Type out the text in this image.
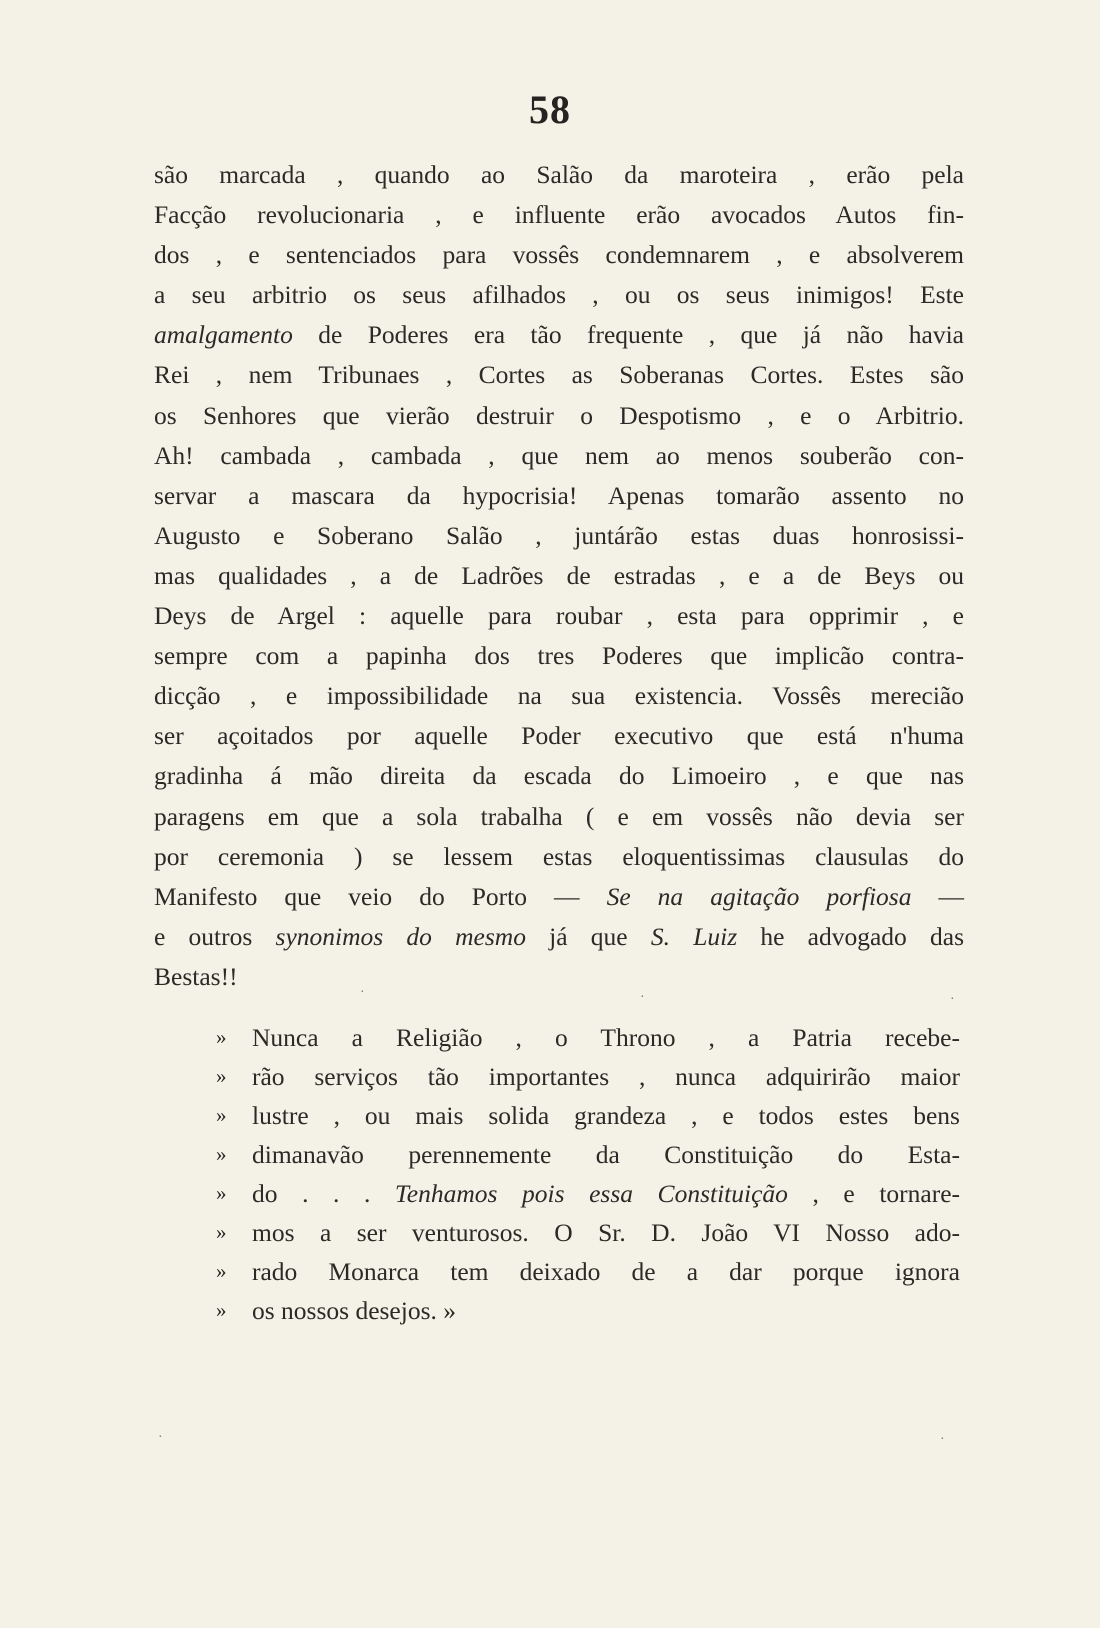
58
são marcada , quando ao Salão da maroteira , erão pela
Facção revolucionaria , e influente erão avocados Autos fin-
dos , e sentenciados para vossês condemnarem , e absolverem
a seu arbitrio os seus afilhados , ou os seus inimigos! Este
amalgamento de Poderes era tão frequente , que já não havia
Rei , nem Tribunaes , Cortes as Soberanas Cortes. Estes são
os Senhores que vierão destruir o Despotismo , e o Arbitrio.
Ah! cambada , cambada , que nem ao menos souberão con-
servar a mascara da hypocrisia! Apenas tomarão assento no
Augusto e Soberano Salão , juntárão estas duas honrosissi-
mas qualidades , a de Ladrões de estradas , e a de Beys ou
Deys de Argel : aquelle para roubar , esta para opprimir , e
sempre com a papinha dos tres Poderes que implicão contra-
dicção , e impossibilidade na sua existencia. Vossês merecião
ser açoitados por aquelle Poder executivo que está n'huma
gradinha á mão direita da escada do Limoeiro , e que nas
paragens em que a sola trabalha ( e em vossês não devia ser
por ceremonia ) se lessem estas eloquentissimas clausulas do
Manifesto que veio do Porto — Se na agitação porfiosa —
e outros synonimos do mesmo já que S. Luiz he advogado das
Bestas!!
» Nunca a Religião , o Throno , a Patria recebe-
» rão serviços tão importantes , nunca adquirirão maior
» lustre , ou mais solida grandeza , e todos estes bens
» dimanavão perennemente da Constituição do Esta-
» do . . . Tenhamos pois essa Constituição , e tornare-
» mos a ser venturosos. O Sr. D. João VI Nosso ado-
» rado Monarca tem deixado de a dar porque ignora
» os nossos desejos. »
·	·	·
·	·
